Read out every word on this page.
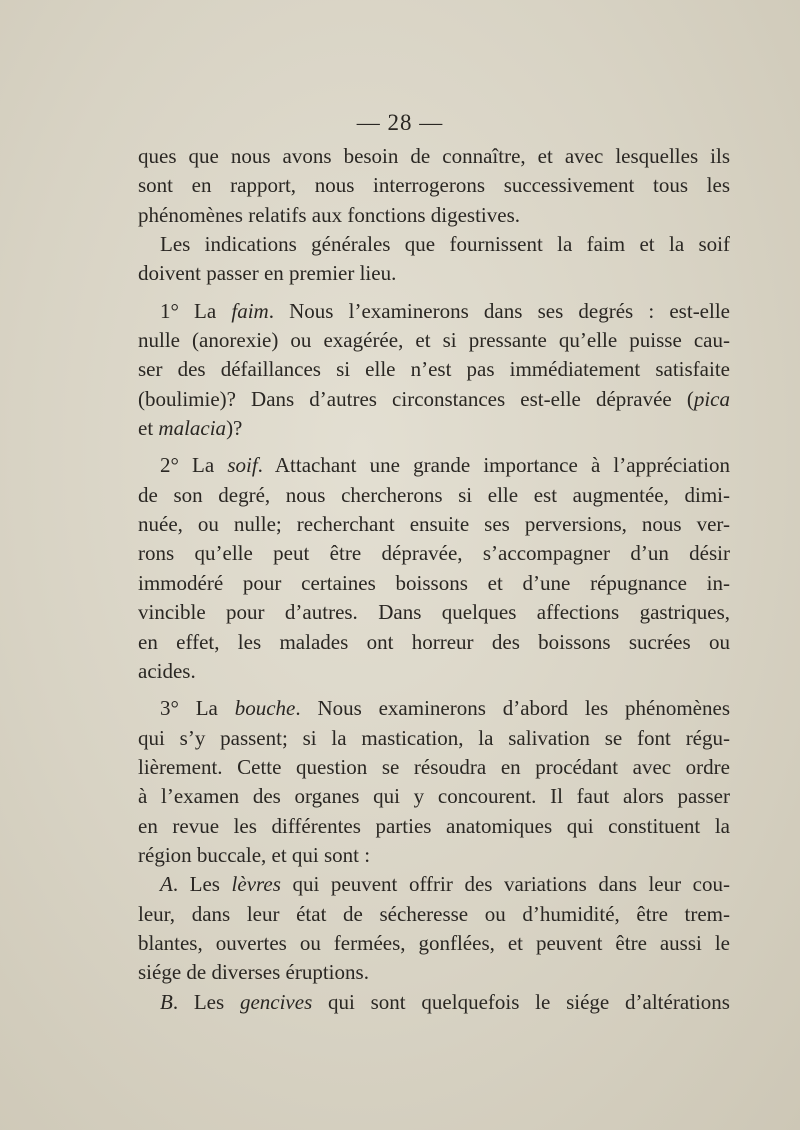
— 28 —
ques que nous avons besoin de connaître, et avec lesquelles ils
sont en rapport, nous interrogerons successivement tous les
phénomènes relatifs aux fonctions digestives.
Les indications générales que fournissent la faim et la soif
doivent passer en premier lieu.
1° La faim. Nous l’examinerons dans ses degrés : est-elle
nulle (anorexie) ou exagérée, et si pressante qu’elle puisse cau-
ser des défaillances si elle n’est pas immédiatement satisfaite
(boulimie)? Dans d’autres circonstances est-elle dépravée (pica
et malacia)?
2° La soif. Attachant une grande importance à l’appréciation
de son degré, nous chercherons si elle est augmentée, dimi-
nuée, ou nulle; recherchant ensuite ses perversions, nous ver-
rons qu’elle peut être dépravée, s’accompagner d’un désir
immodéré pour certaines boissons et d’une répugnance in-
vincible pour d’autres. Dans quelques affections gastriques,
en effet, les malades ont horreur des boissons sucrées ou
acides.
3° La bouche. Nous examinerons d’abord les phénomènes
qui s’y passent; si la mastication, la salivation se font régu-
lièrement. Cette question se résoudra en procédant avec ordre
à l’examen des organes qui y concourent. Il faut alors passer
en revue les différentes parties anatomiques qui constituent la
région buccale, et qui sont :
A. Les lèvres qui peuvent offrir des variations dans leur cou-
leur, dans leur état de sécheresse ou d’humidité, être trem-
blantes, ouvertes ou fermées, gonflées, et peuvent être aussi le
siége de diverses éruptions.
B. Les gencives qui sont quelquefois le siége d’altérations
